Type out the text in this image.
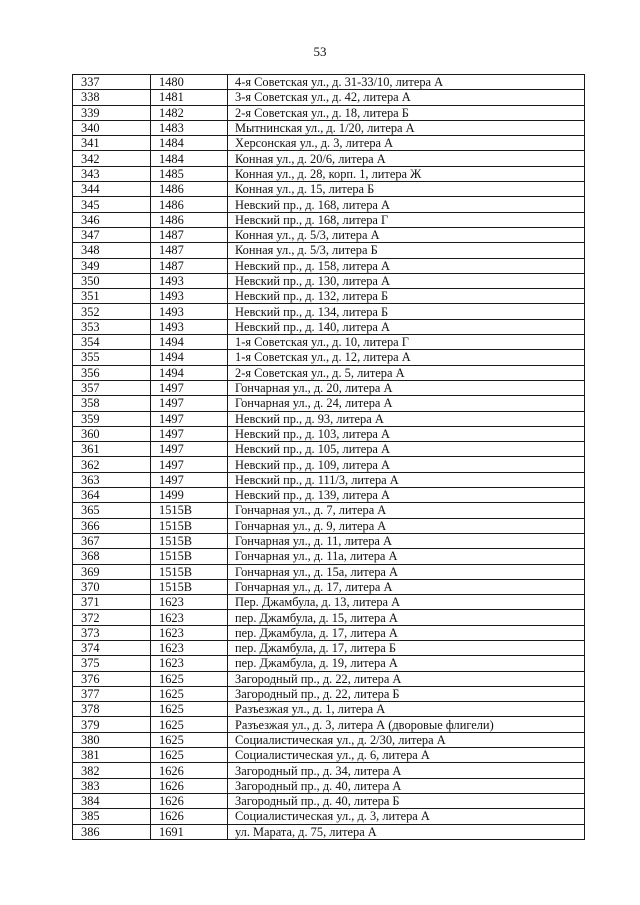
53
337	1480	4-я Советская ул., д. 31-33/10, литера А
338	1481	3-я Советская ул., д. 42, литера А
339	1482	2-я Советская ул., д. 18, литера Б
340	1483	Мытнинская ул., д. 1/20, литера А
341	1484	Херсонская ул., д. 3, литера А
342	1484	Конная ул., д. 20/6, литера А
343	1485	Конная ул., д. 28, корп. 1, литера Ж
344	1486	Конная ул., д. 15, литера Б
345	1486	Невский пр., д. 168, литера А
346	1486	Невский пр., д. 168, литера Г
347	1487	Конная ул., д. 5/3, литера А
348	1487	Конная ул., д. 5/3, литера Б
349	1487	Невский пр., д. 158, литера А
350	1493	Невский пр., д. 130, литера А
351	1493	Невский пр., д. 132, литера Б
352	1493	Невский пр., д. 134, литера Б
353	1493	Невский пр., д. 140, литера А
354	1494	1-я Советская ул., д. 10, литера Г
355	1494	1-я Советская ул., д. 12, литера А
356	1494	2-я Советская ул., д. 5, литера А
357	1497	Гончарная ул., д. 20, литера А
358	1497	Гончарная ул., д. 24, литера А
359	1497	Невский пр., д. 93, литера А
360	1497	Невский пр., д. 103, литера А
361	1497	Невский пр., д. 105, литера А
362	1497	Невский пр., д. 109, литера А
363	1497	Невский пр., д. 111/3, литера А
364	1499	Невский пр., д. 139, литера А
365	1515В	Гончарная ул., д. 7, литера А
366	1515В	Гончарная ул., д. 9, литера А
367	1515В	Гончарная ул., д. 11, литера А
368	1515В	Гончарная ул., д. 11а, литера А
369	1515В	Гончарная ул., д. 15а, литера А
370	1515В	Гончарная ул., д. 17, литера А
371	1623	Пер. Джамбула, д. 13, литера А
372	1623	пер. Джамбула, д. 15, литера А
373	1623	пер. Джамбула, д. 17, литера А
374	1623	пер. Джамбула, д. 17, литера Б
375	1623	пер. Джамбула, д. 19, литера А
376	1625	Загородный пр., д. 22, литера А
377	1625	Загородный пр., д. 22, литера Б
378	1625	Разъезжая ул., д. 1, литера А
379	1625	Разъезжая ул., д. 3, литера А (дворовые флигели)
380	1625	Социалистическая ул., д. 2/30, литера А
381	1625	Социалистическая ул., д. 6, литера А
382	1626	Загородный пр., д. 34, литера А
383	1626	Загородный пр., д. 40, литера А
384	1626	Загородный пр., д. 40, литера Б
385	1626	Социалистическая ул., д. 3, литера А
386	1691	ул. Марата, д. 75, литера А
